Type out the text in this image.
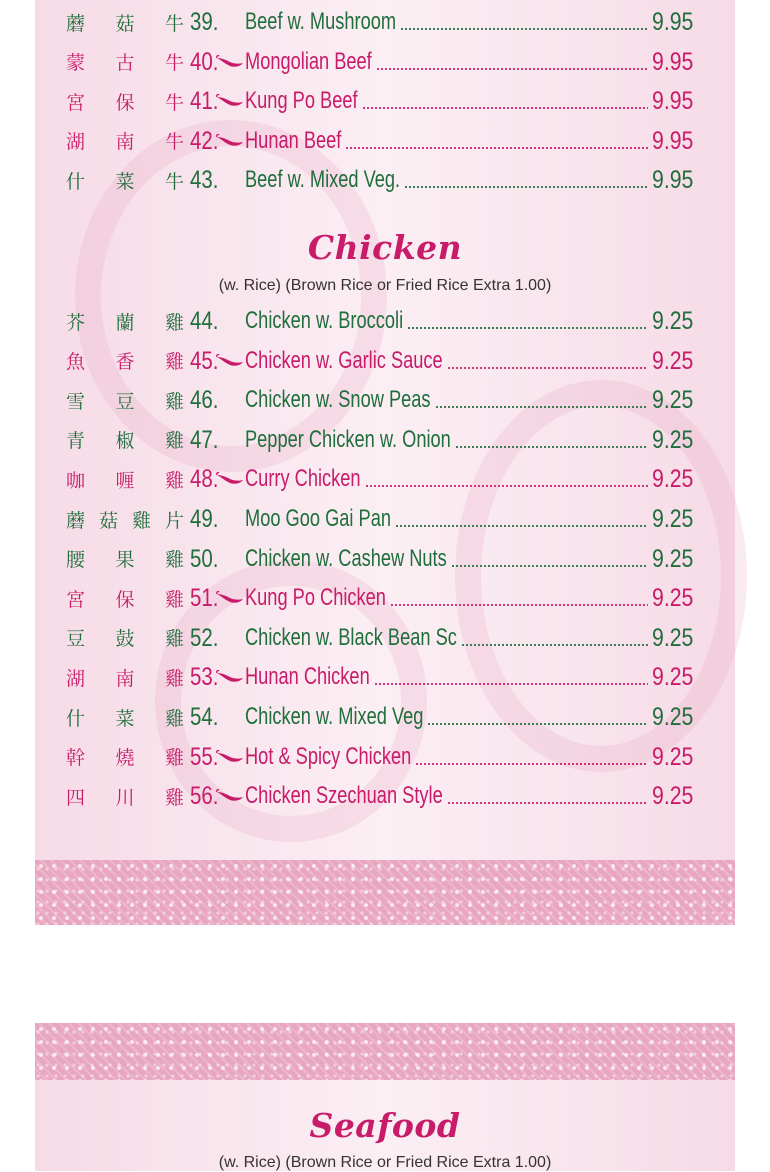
蘑 菇 牛 39. Beef w. Mushroom	9.95
蒙 古 牛 40. Mongolian Beef	9.95
宮 保 牛 41. Kung Po Beef	9.95
湖 南 牛 42. Hunan Beef	9.95
什 菜 牛 43. Beef w. Mixed Veg.	9.95
Chicken
(w. Rice) (Brown Rice or Fried Rice Extra 1.00)
芥 蘭 雞 44. Chicken w. Broccoli	9.25
魚 香 雞 45. Chicken w. Garlic Sauce	9.25
雪 豆 雞 46. Chicken w. Snow Peas	9.25
青 椒 雞 47. Pepper Chicken w. Onion	9.25
咖 喱 雞 48. Curry Chicken	9.25
蘑 菇 雞 片 49. Moo Goo Gai Pan	9.25
腰 果 雞 50. Chicken w. Cashew Nuts	9.25
宮 保 雞 51. Kung Po Chicken	9.25
豆 鼓 雞 52. Chicken w. Black Bean Sc	9.25
湖 南 雞 53. Hunan Chicken	9.25
什 菜 雞 54. Chicken w. Mixed Veg	9.25
幹 燒 雞 55. Hot & Spicy Chicken	9.25
四 川 雞 56. Chicken Szechuan Style	9.25
Seafood
(w. Rice) (Brown Rice or Fried Rice Extra 1.00)
